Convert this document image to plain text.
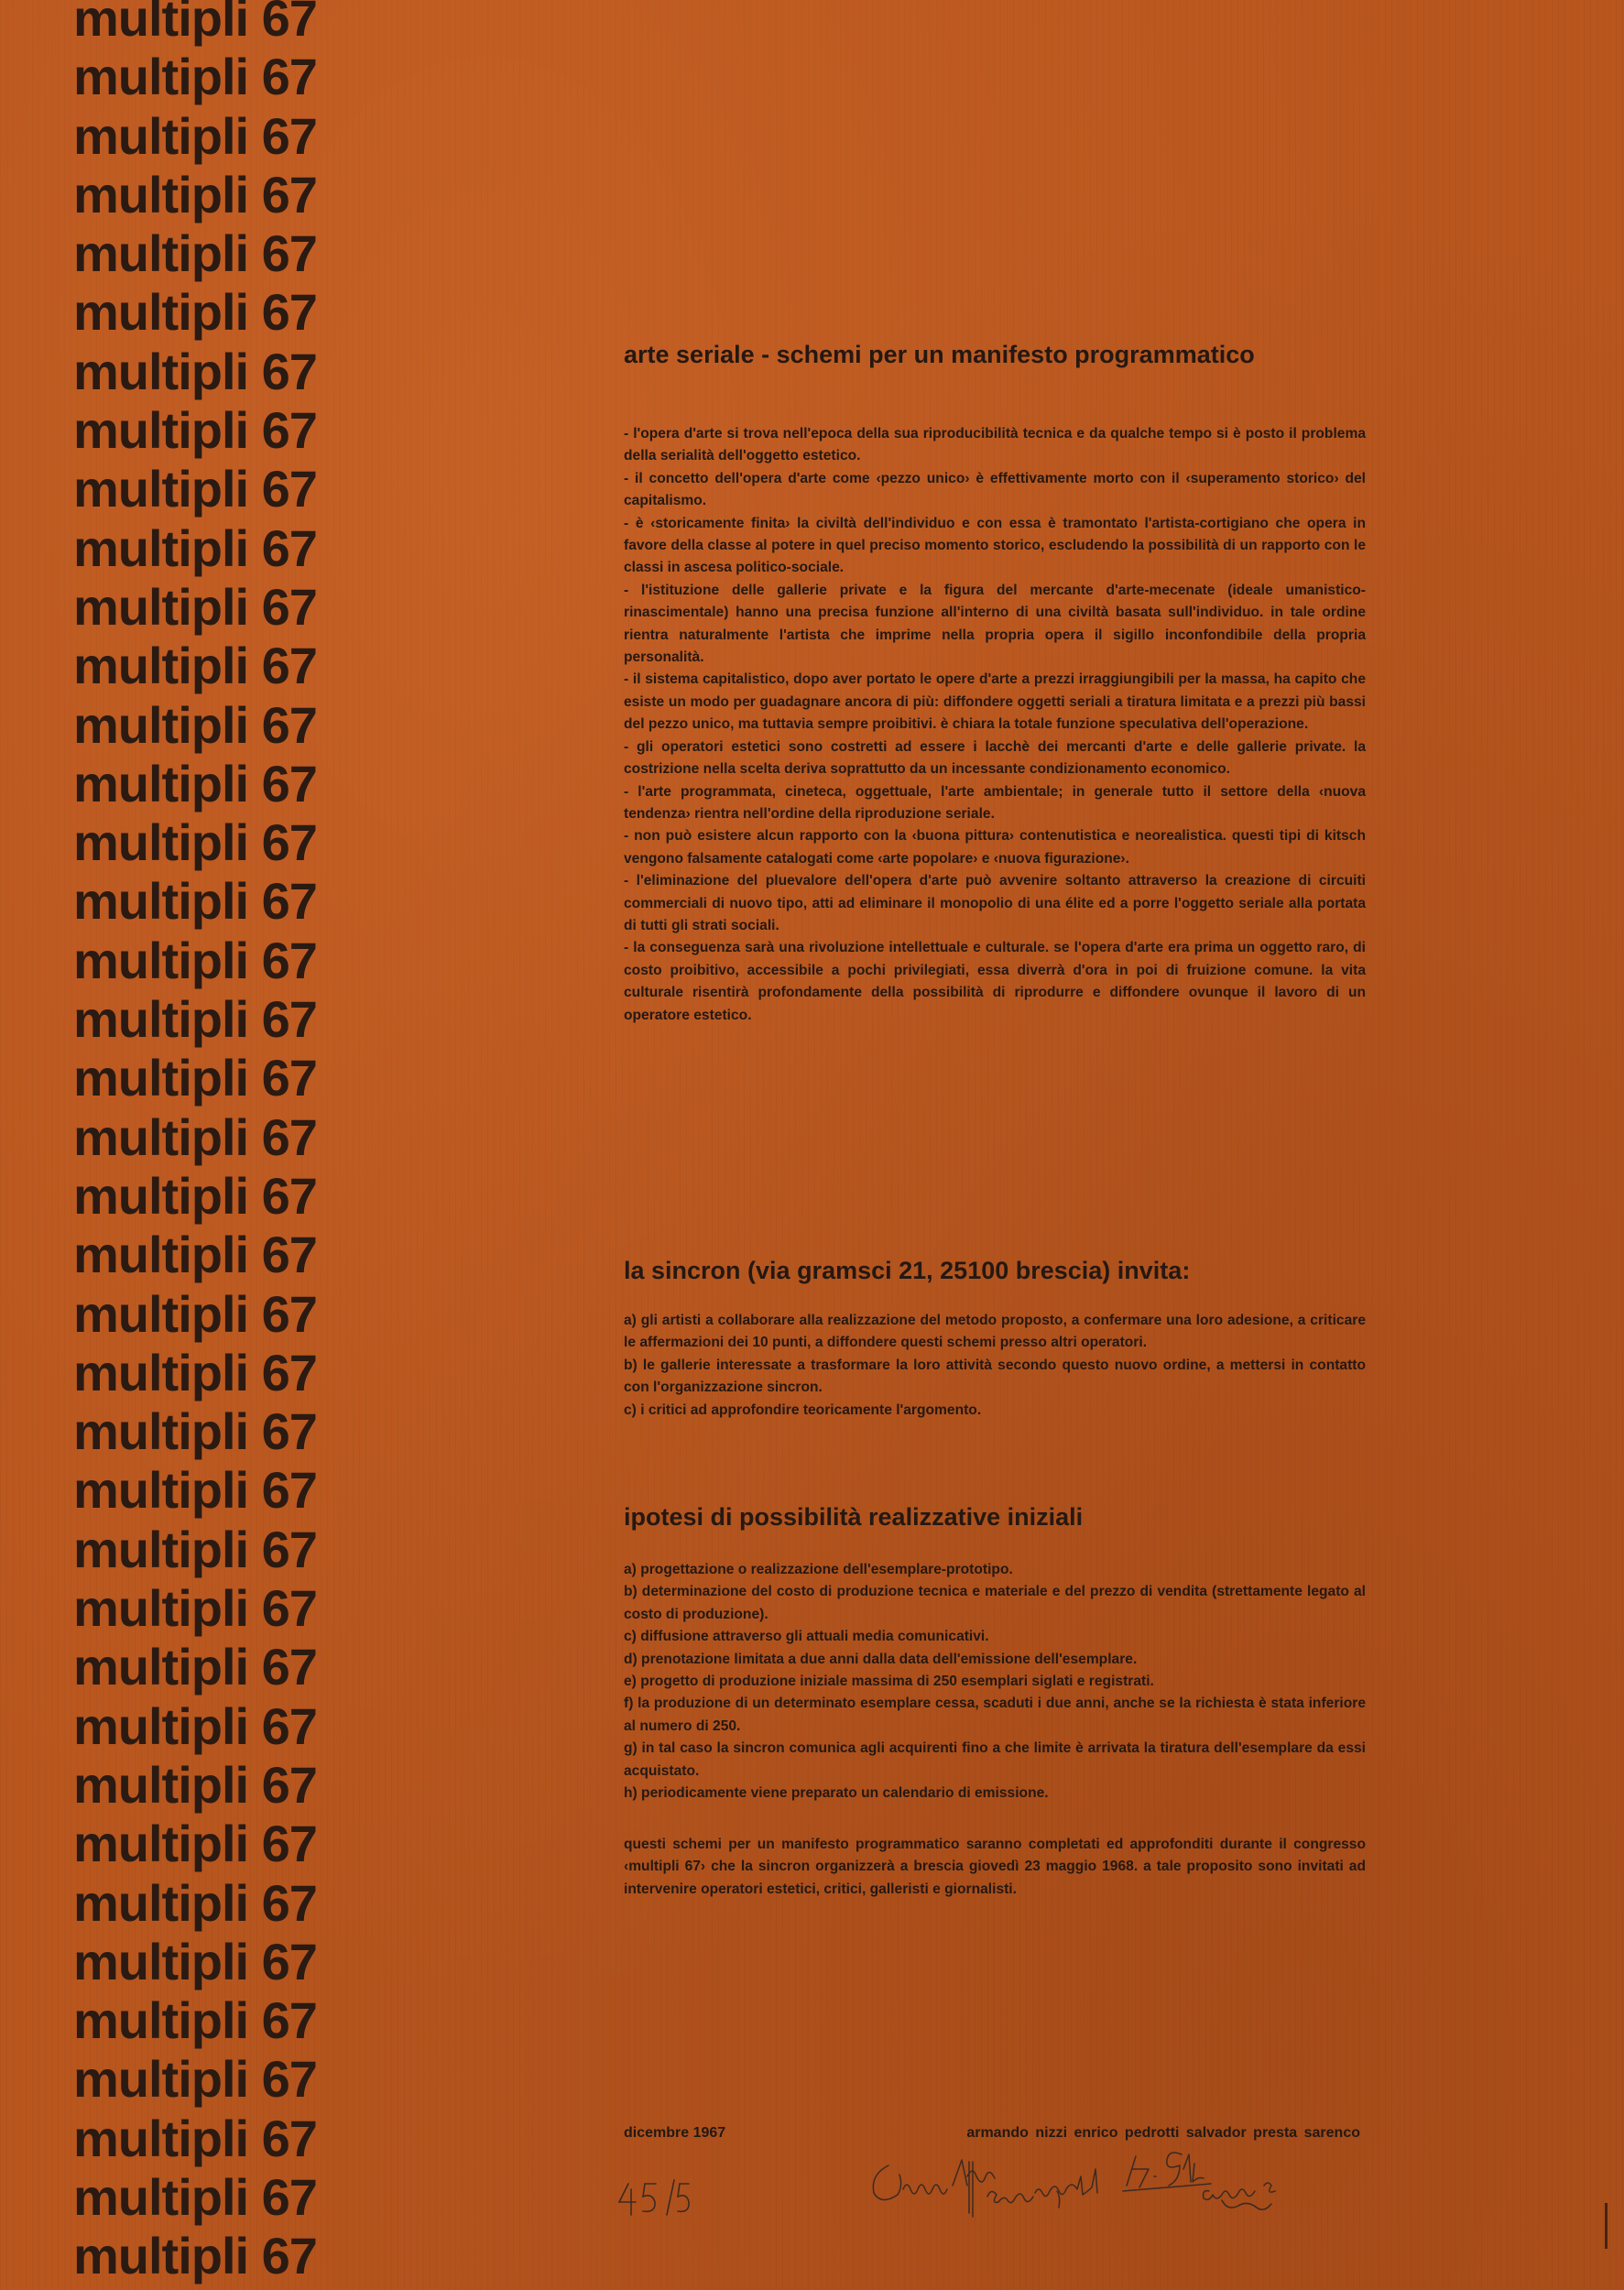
multipli 67
multipli 67
multipli 67
multipli 67
multipli 67
multipli 67
multipli 67
multipli 67
multipli 67
multipli 67
multipli 67
multipli 67
multipli 67
multipli 67
multipli 67
multipli 67
multipli 67
multipli 67
multipli 67
multipli 67
multipli 67
multipli 67
multipli 67
multipli 67
multipli 67
multipli 67
multipli 67
multipli 67
multipli 67
multipli 67
multipli 67
multipli 67
multipli 67
multipli 67
multipli 67
multipli 67
multipli 67
multipli 67
multipli 67
arte seriale - schemi per un manifesto programmatico
- l'opera d'arte si trova nell'epoca della sua riproducibilità tecnica e da qualche tempo si è posto il problema della serialità dell'oggetto estetico.
- il concetto dell'opera d'arte come ‹pezzo unico› è effettivamente morto con il ‹superamento storico› del capitalismo.
- è ‹storicamente finita› la civiltà dell'individuo e con essa è tramontato l'artista-cortigiano che opera in favore della classe al potere in quel preciso momento storico, escludendo la possibilità di un rapporto con le classi in ascesa politico-sociale.
- l'istituzione delle gallerie private e la figura del mercante d'arte-mecenate (ideale umanistico-rinascimentale) hanno una precisa funzione all'interno di una civiltà basata sull'individuo. in tale ordine rientra naturalmente l'artista che imprime nella propria opera il sigillo inconfondibile della propria personalità.
- il sistema capitalistico, dopo aver portato le opere d'arte a prezzi irraggiungibili per la massa, ha capito che esiste un modo per guadagnare ancora di più: diffondere oggetti seriali a tiratura limitata e a prezzi più bassi del pezzo unico, ma tuttavia sempre proibitivi. è chiara la totale funzione speculativa dell'operazione.
- gli operatori estetici sono costretti ad essere i lacchè dei mercanti d'arte e delle gallerie private. la costrizione nella scelta deriva soprattutto da un incessante condizionamento economico.
- l'arte programmata, cineteca, oggettuale, l'arte ambientale; in generale tutto il settore della ‹nuova tendenza› rientra nell'ordine della riproduzione seriale.
- non può esistere alcun rapporto con la ‹buona pittura› contenutistica e neorealistica. questi tipi di kitsch vengono falsamente catalogati come ‹arte popolare› e ‹nuova figurazione›.
- l'eliminazione del pluevalore dell'opera d'arte può avvenire soltanto attraverso la creazione di circuiti commerciali di nuovo tipo, atti ad eliminare il monopolio di una élite ed a porre l'oggetto seriale alla portata di tutti gli strati sociali.
- la conseguenza sarà una rivoluzione intellettuale e culturale. se l'opera d'arte era prima un oggetto raro, di costo proibitivo, accessibile a pochi privilegiati, essa diverrà d'ora in poi di fruizione comune. la vita culturale risentirà profondamente della possibilità di riprodurre e diffondere ovunque il lavoro di un operatore estetico.
la sincron (via gramsci 21, 25100 brescia) invita:
a) gli artisti a collaborare alla realizzazione del metodo proposto, a confermare una loro adesione, a criticare le affermazioni dei 10 punti, a diffondere questi schemi presso altri operatori.
b) le gallerie interessate a trasformare la loro attività secondo questo nuovo ordine, a mettersi in contatto con l'organizzazione sincron.
c) i critici ad approfondire teoricamente l'argomento.
ipotesi di possibilità realizzative iniziali
a) progettazione o realizzazione dell'esemplare-prototipo.
b) determinazione del costo di produzione tecnica e materiale e del prezzo di vendita (strettamente legato al costo di produzione).
c) diffusione attraverso gli attuali media comunicativi.
d) prenotazione limitata a due anni dalla data dell'emissione dell'esemplare.
e) progetto di produzione iniziale massima di 250 esemplari siglati e registrati.
f) la produzione di un determinato esemplare cessa, scaduti i due anni, anche se la richiesta è stata inferiore al numero di 250.
g) in tal caso la sincron comunica agli acquirenti fino a che limite è arrivata la tiratura dell'esemplare da essi acquistato.
h) periodicamente viene preparato un calendario di emissione.

questi schemi per un manifesto programmatico saranno completati ed approfonditi durante il congresso ‹multipli 67› che la sincron organizzerà a brescia giovedì 23 maggio 1968. a tale proposito sono invitati ad intervenire operatori estetici, critici, galleristi e giornalisti.

dicembre 1967	armando nizzi enrico pedrotti salvador presta sarenco
